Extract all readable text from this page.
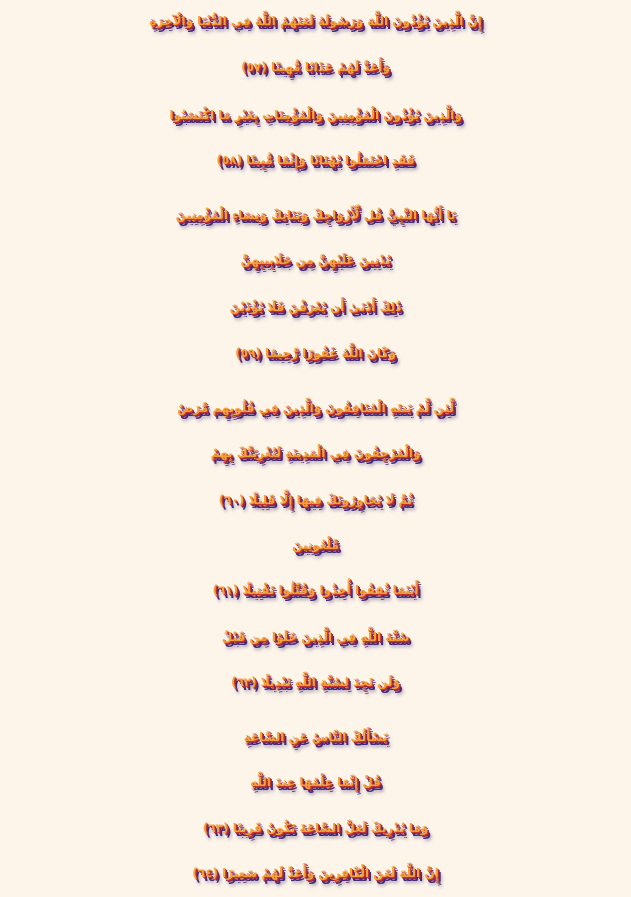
إِنَّ الَّذِينَ يُؤْذُونَ اللَّهَ وَرَسُولَهُ لَعَنَهُمُ اللَّهُ فِي الدُّنْيَا وَالْآخِرَةِ
وَأَعَدَّ لَهُمْ عَذَابًا مُّهِينًا (٥٧)
وَالَّذِينَ يُؤْذُونَ الْمُؤْمِنِينَ وَالْمُؤْمِنَاتِ بِغَيْرِ مَا اكْتَسَبُوا
فَقَدِ احْتَمَلُوا بُهْتَانًا وَإِثْمًا مُّبِينًا (٥٨)
يَا أَيُّهَا النَّبِيُّ قُل لِّأَزْوَاجِكَ وَبَنَاتِكَ وَنِسَاءِ الْمُؤْمِنِينَ
يُدْنِينَ عَلَيْهِنَّ مِن جَلَابِيبِهِنَّ
ذَٰلِكَ أَدْنَىٰ أَن يُعْرَفْنَ فَلَا يُؤْذَيْنَ
وَكَانَ اللَّهُ غَفُورًا رَّحِيمًا (٥٩)
لَّئِن لَّمْ يَنتَهِ الْمُنَافِقُونَ وَالَّذِينَ فِي قُلُوبِهِم مَّرَضٌ
وَالْمُرْجِفُونَ فِي الْمَدِينَةِ لَنُغْرِيَنَّكَ بِهِمْ
ثُمَّ لَا يُجَاوِرُونَكَ فِيهَا إِلَّا قَلِيلًا (٦٠)
مَّلْعُونِينَ
أَيْنَمَا ثُقِفُوا أُخِذُوا وَقُتِّلُوا تَقْتِيلًا (٦١)
سُنَّةَ اللَّهِ فِي الَّذِينَ خَلَوْا مِن قَبْلُ
وَلَن تَجِدَ لِسُنَّةِ اللَّهِ تَبْدِيلًا (٦٢)
يَسْأَلُكَ النَّاسُ عَنِ السَّاعَةِ
قُلْ إِنَّمَا عِلْمُهَا عِندَ اللَّهِ
وَمَا يُدْرِيكَ لَعَلَّ السَّاعَةَ تَكُونُ قَرِيبًا (٦٣)
إِنَّ اللَّهَ لَعَنَ الْكَافِرِينَ وَأَعَدَّ لَهُمْ سَعِيرًا (٦٤)
